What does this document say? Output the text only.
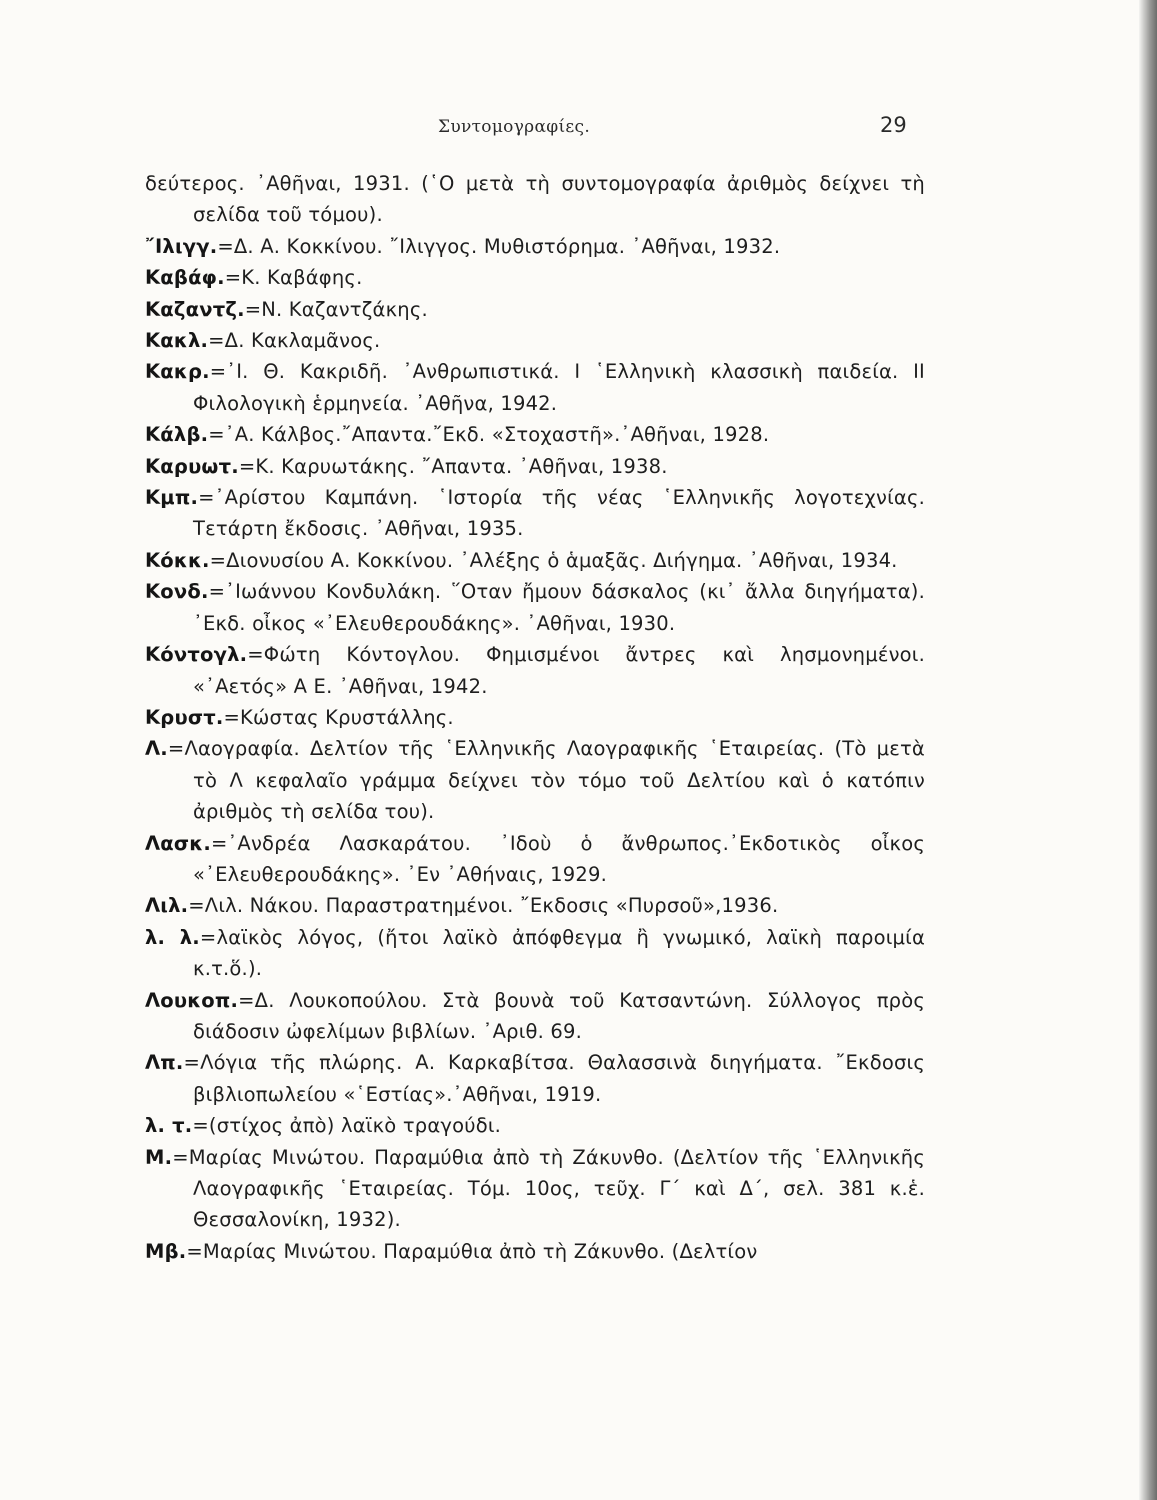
Συντομογραφίες.	29

δεύτερος. ᾿Αθῆναι, 1931. (῾Ο μετὰ τὴ συντομογραφία ἀριθμὸς δείχνει τὴ σελίδα τοῦ τόμου).

῎Ιλιγγ.=Δ. Α. Κοκκίνου. ῎Ιλιγγος. Μυθιστόρημα. ᾿Αθῆναι, 1932.

Καβάφ.=Κ. Καβάφης.

Καζαντζ.=Ν. Καζαντζάκης.

Κακλ.=Δ. Κακλαμᾶνος.

Κακρ.=᾿Ι. Θ. Κακριδῆ. ᾿Ανθρωπιστικά. Ι ῾Ελληνικὴ κλασσικὴ παιδεία. ΙΙ Φιλολογικὴ ἑρμηνεία. ᾿Αθῆνα, 1942.

Κάλβ.=᾿Α. Κάλβος.῎Απαντα.῎Εκδ. «Στοχαστῆ».᾿Αθῆναι, 1928.

Καρυωτ.=Κ. Καρυωτάκης. ῎Απαντα. ᾿Αθῆναι, 1938.

Κμπ.=᾿Αρίστου Καμπάνη. ῾Ιστορία τῆς νέας ῾Ελληνικῆς λογοτεχνίας. Τετάρτη ἔκδοσις. ᾿Αθῆναι, 1935.

Κόκκ.=Διονυσίου Α. Κοκκίνου. ᾿Αλέξης ὁ ἁμαξᾶς. Διήγημα. ᾿Αθῆναι, 1934.

Κονδ.=᾿Ιωάννου Κονδυλάκη. ῞Οταν ἤμουν δάσκαλος (κι᾿ ἄλλα διηγήματα). ᾿Εκδ. οἶκος «᾿Ελευθερουδάκης». ᾿Αθῆναι, 1930.

Κόντογλ.=Φώτη Κόντογλου. Φημισμένοι ἄντρες καὶ λησμονημένοι. «᾿Αετός» Α Ε. ᾿Αθῆναι, 1942.

Κρυστ.=Κώστας Κρυστάλλης.

Λ.=Λαογραφία. Δελτίον τῆς ῾Ελληνικῆς Λαογραφικῆς ῾Εταιρείας. (Τὸ μετὰ τὸ Λ κεφαλαῖο γράμμα δείχνει τὸν τόμο τοῦ Δελτίου καὶ ὁ κατόπιν ἀριθμὸς τὴ σελίδα του).

Λασκ.=᾿Ανδρέα Λασκαράτου. ᾿Ιδοὺ ὁ ἄνθρωπος.᾿Εκδοτικὸς οἶκος «᾿Ελευθερουδάκης». ᾿Εν ᾿Αθήναις, 1929.

Λιλ.=Λιλ. Νάκου. Παραστρατημένοι. ῎Εκδοσις «Πυρσοῦ»,1936.

λ. λ.=λαϊκὸς λόγος, (ἤτοι λαϊκὸ ἀπόφθεγμα ἢ γνωμικό, λαϊκὴ παροιμία κ.τ.ὅ.).

Λουκοπ.=Δ. Λουκοπούλου. Στὰ βουνὰ τοῦ Κατσαντώνη. Σύλλογος πρὸς διάδοσιν ὠφελίμων βιβλίων. ᾿Αριθ. 69.

Λπ.=Λόγια τῆς πλώρης. Α. Καρκαβίτσα. Θαλασσινὰ διηγήματα. ῎Εκδοσις βιβλιοπωλείου «῾Εστίας».᾿Αθῆναι, 1919.

λ. τ.=(στίχος ἀπὸ) λαϊκὸ τραγούδι.

Μ.=Μαρίας Μινώτου. Παραμύθια ἀπὸ τὴ Ζάκυνθο. (Δελτίον τῆς ῾Ελληνικῆς Λαογραφικῆς ῾Εταιρείας. Τόμ. 10ος, τεῦχ. Γ´ καὶ Δ´, σελ. 381 κ.ἑ. Θεσσαλονίκη, 1932).

Μβ.=Μαρίας Μινώτου. Παραμύθια ἀπὸ τὴ Ζάκυνθο. (Δελτίον
